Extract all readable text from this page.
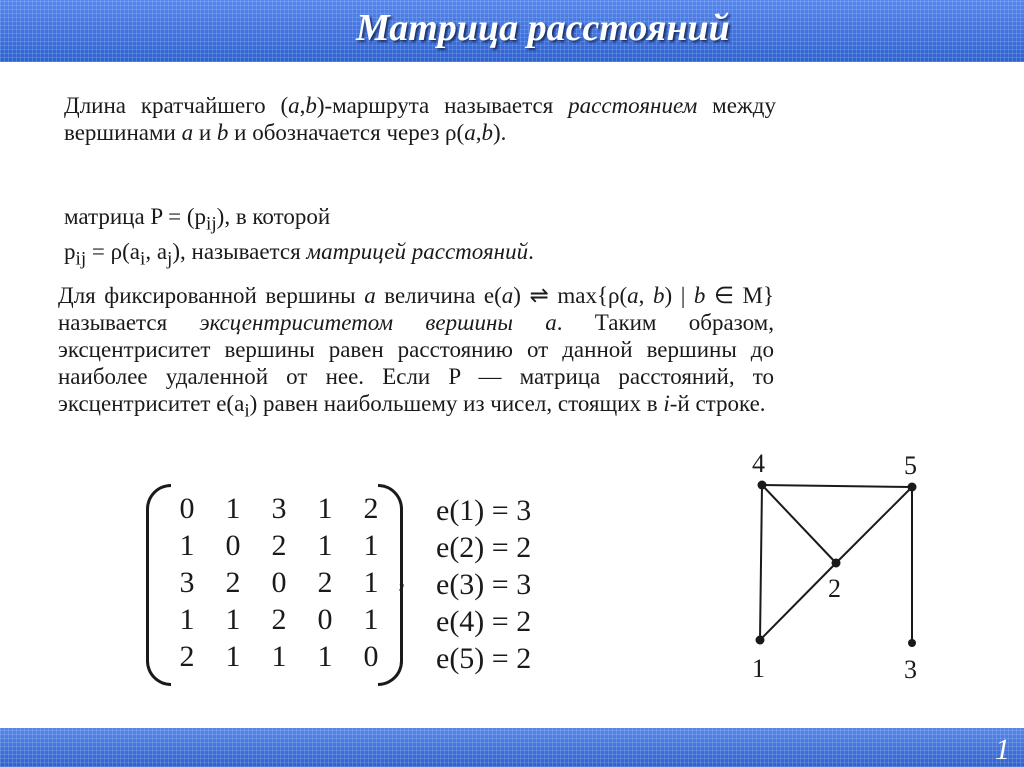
Матрица расстояний

Длина кратчайшего (a,b)-маршрута называется расстоянием между вершинами a и b и обозначается через ρ(a,b).

матрица $P = (p_{ij})$, в которой
$p_{ij} = \rho(a_i$, $a_j$), называется матрицей расстояний.

Для фиксированной вершины a величина e(a) ⇌ max{ρ(a, b) | b ∈ M} называется эксцентриситетом вершины a. Таким образом, эксцентриситет вершины равен расстоянию от данной вершины до наиболее удаленной от нее. Если P — матрица расстояний, то эксцентриситет $e(a_i)$ равен наибольшему из чисел, стоящих в i-й строке.

0	1	3	1	2
1	0	2	1	1
3	2	0	2	1
1	1	2	0	1
2	1	1	1	0
,
e(1) = 3
e(2) = 2
e(3) = 3
e(4) = 2
e(5) = 2	1
2
3
4	5
1
